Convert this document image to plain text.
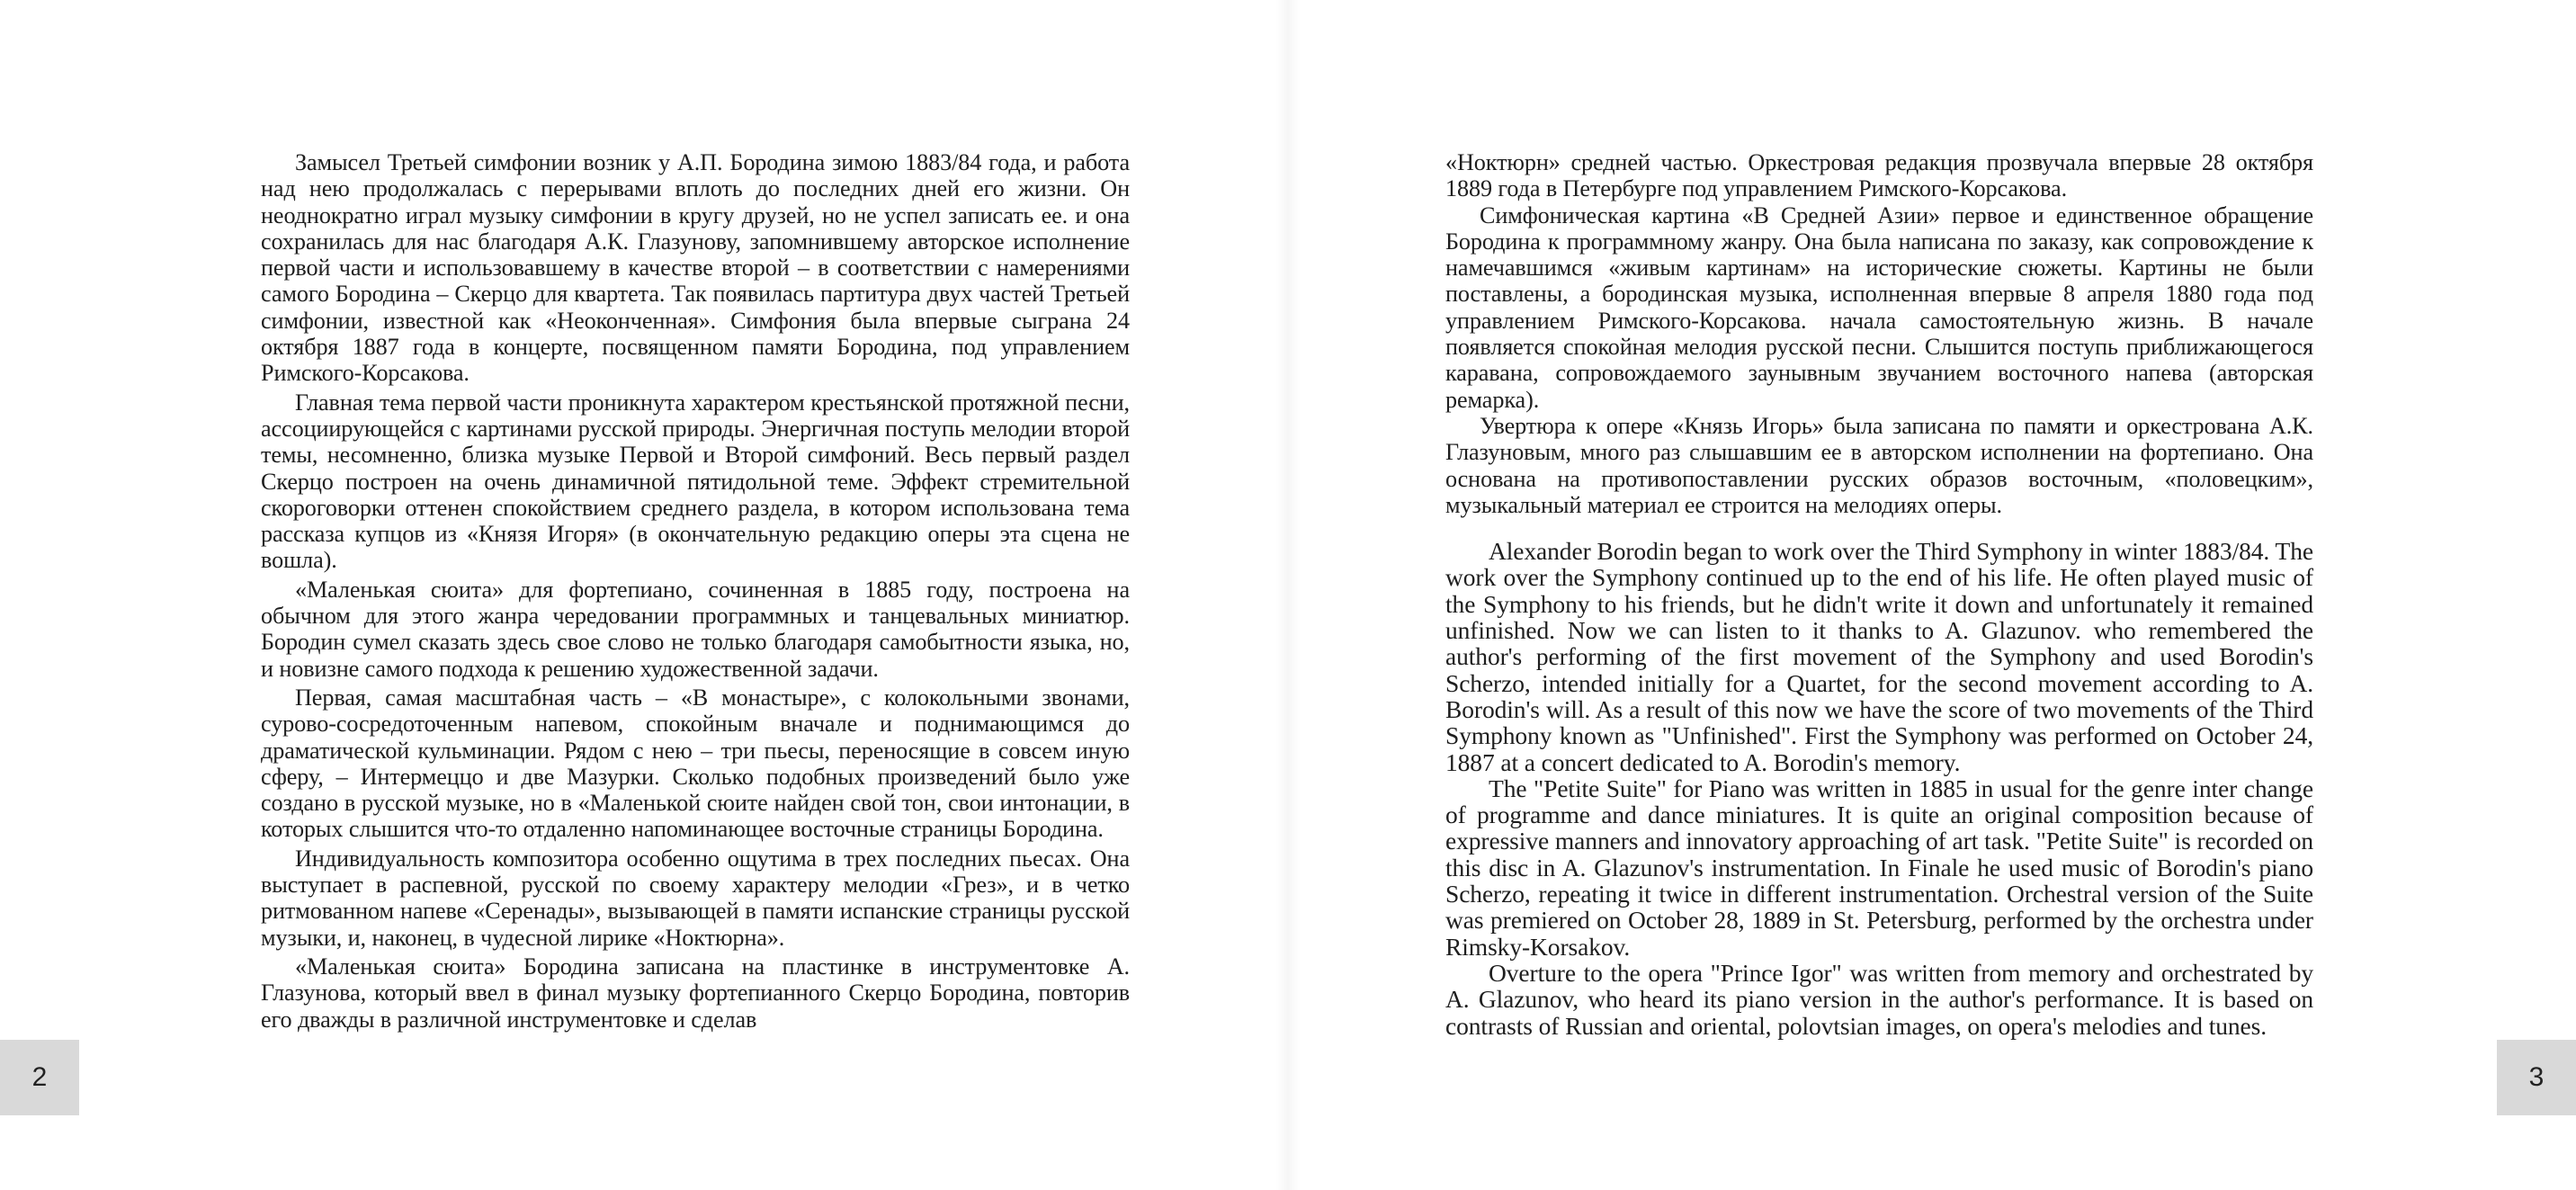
Замысел Третьей симфонии возник у А.П. Бородина зимою 1883/84 года, и работа над нею продолжалась с перерывами вплоть до последних дней его жизни. Он неоднократно играл музыку симфонии в кругу друзей, но не успел записать ее. и она сохранилась для нас благодаря А.К. Глазунову, запомнившему авторское исполнение первой части и использовавшему в качестве второй – в соответствии с намерениями самого Бородина – Скерцо для квартета. Так появилась партитура двух частей Третьей симфонии, известной как «Неоконченная». Симфония была впервые сыграна 24 октября 1887 года в концерте, посвященном памяти Бородина, под управлением Римского-Корсакова.

Главная тема первой части проникнута характером крестьянской протяжной песни, ассоциирующейся с картинами русской природы. Энергичная поступь мелодии второй темы, несомненно, близка музыке Первой и Второй симфоний. Весь первый раздел Скерцо построен на очень динамичной пятидольной теме. Эффект стремительной скороговорки оттенен спокойствием среднего раздела, в котором использована тема рассказа купцов из «Князя Игоря» (в окончательную редакцию оперы эта сцена не вошла).

«Маленькая сюита» для фортепиано, сочиненная в 1885 году, построена на обычном для этого жанра чередовании программных и танцевальных миниатюр. Бородин сумел сказать здесь свое слово не только благодаря самобытности языка, но, и новизне самого подхода к решению художественной задачи.

Первая, самая масштабная часть – «В монастыре», с колокольными звонами, сурово-сосредоточенным напевом, спокойным вначале и поднимающимся до драматической кульминации. Рядом с нею – три пьесы, переносящие в совсем иную сферу, – Интермеццо и две Мазурки. Сколько подобных произведений было уже создано в русской музыке, но в «Маленькой сюите найден свой тон, свои интонации, в которых слышится что-то отдаленно напоминающее восточные страницы Бородина.

Индивидуальность композитора особенно ощутима в трех последних пьесах. Она выступает в распевной, русской по своему характеру мелодии «Грез», и в четко ритмованном напеве «Серенады», вызывающей в памяти испанские страницы русской музыки, и, наконец, в чудесной лирике «Ноктюрна».

«Маленькая сюита» Бородина записана на пластинке в инструментовке А. Глазунова, который ввел в финал музыку фортепианного Скерцо Бородина, повторив его дважды в различной инструментовке и сделав

2

«Ноктюрн» средней частью. Оркестровая редакция прозвучала впервые 28 октября 1889 года в Петербурге под управлением Римского-Корсакова.

Симфоническая картина «В Средней Азии» первое и единственное обращение Бородина к программному жанру. Она была написана по заказу, как сопровождение к намечавшимся «живым картинам» на исторические сюжеты. Картины не были поставлены, а бородинская музыка, исполненная впервые 8 апреля 1880 года под управлением Римского-Корсакова. начала самостоятельную жизнь. В начале появляется спокойная мелодия русской песни. Слышится поступь приближающегося каравана, сопровождаемого заунывным звучанием восточного напева (авторская ремарка).

Увертюра к опере «Князь Игорь» была записана по памяти и оркестрована А.К. Глазуновым, много раз слышавшим ее в авторском исполнении на фортепиано. Она основана на противопоставлении русских образов восточным, «половецким», музыкальный материал ее строится на мелодиях оперы.

Alexander Borodin began to work over the Third Symphony in winter 1883/84. The work over the Symphony continued up to the end of his life. He often played music of the Symphony to his friends, but he didn't write it down and unfortunately it remained unfinished. Now we can listen to it thanks to A. Glazunov. who remembered the author's performing of the first movement of the Symphony and used Borodin's Scherzo, intended initially for a Quartet, for the second movement according to A. Borodin's will. As a result of this now we have the score of two movements of the Third Symphony known as "Unfinished". First the Symphony was performed on October 24, 1887 at a concert dedicated to A. Borodin's memory.

The "Petite Suite" for Piano was written in 1885 in usual for the genre inter change of programme and dance miniatures. It is quite an original composition because of expressive manners and innovatory approaching of art task. "Petite Suite" is recorded on this disc in A. Glazunov's instrumentation. In Finale he used music of Borodin's piano Scherzo, repeating it twice in different instrumentation. Orchestral version of the Suite was premiered on October 28, 1889 in St. Petersburg, performed by the orchestra under Rimsky-Korsakov.

Overture to the opera "Prince Igor" was written from memory and orchestrated by A. Glazunov, who heard its piano version in the author's performance. It is based on contrasts of Russian and oriental, polovtsian images, on opera's melodies and tunes.

3
